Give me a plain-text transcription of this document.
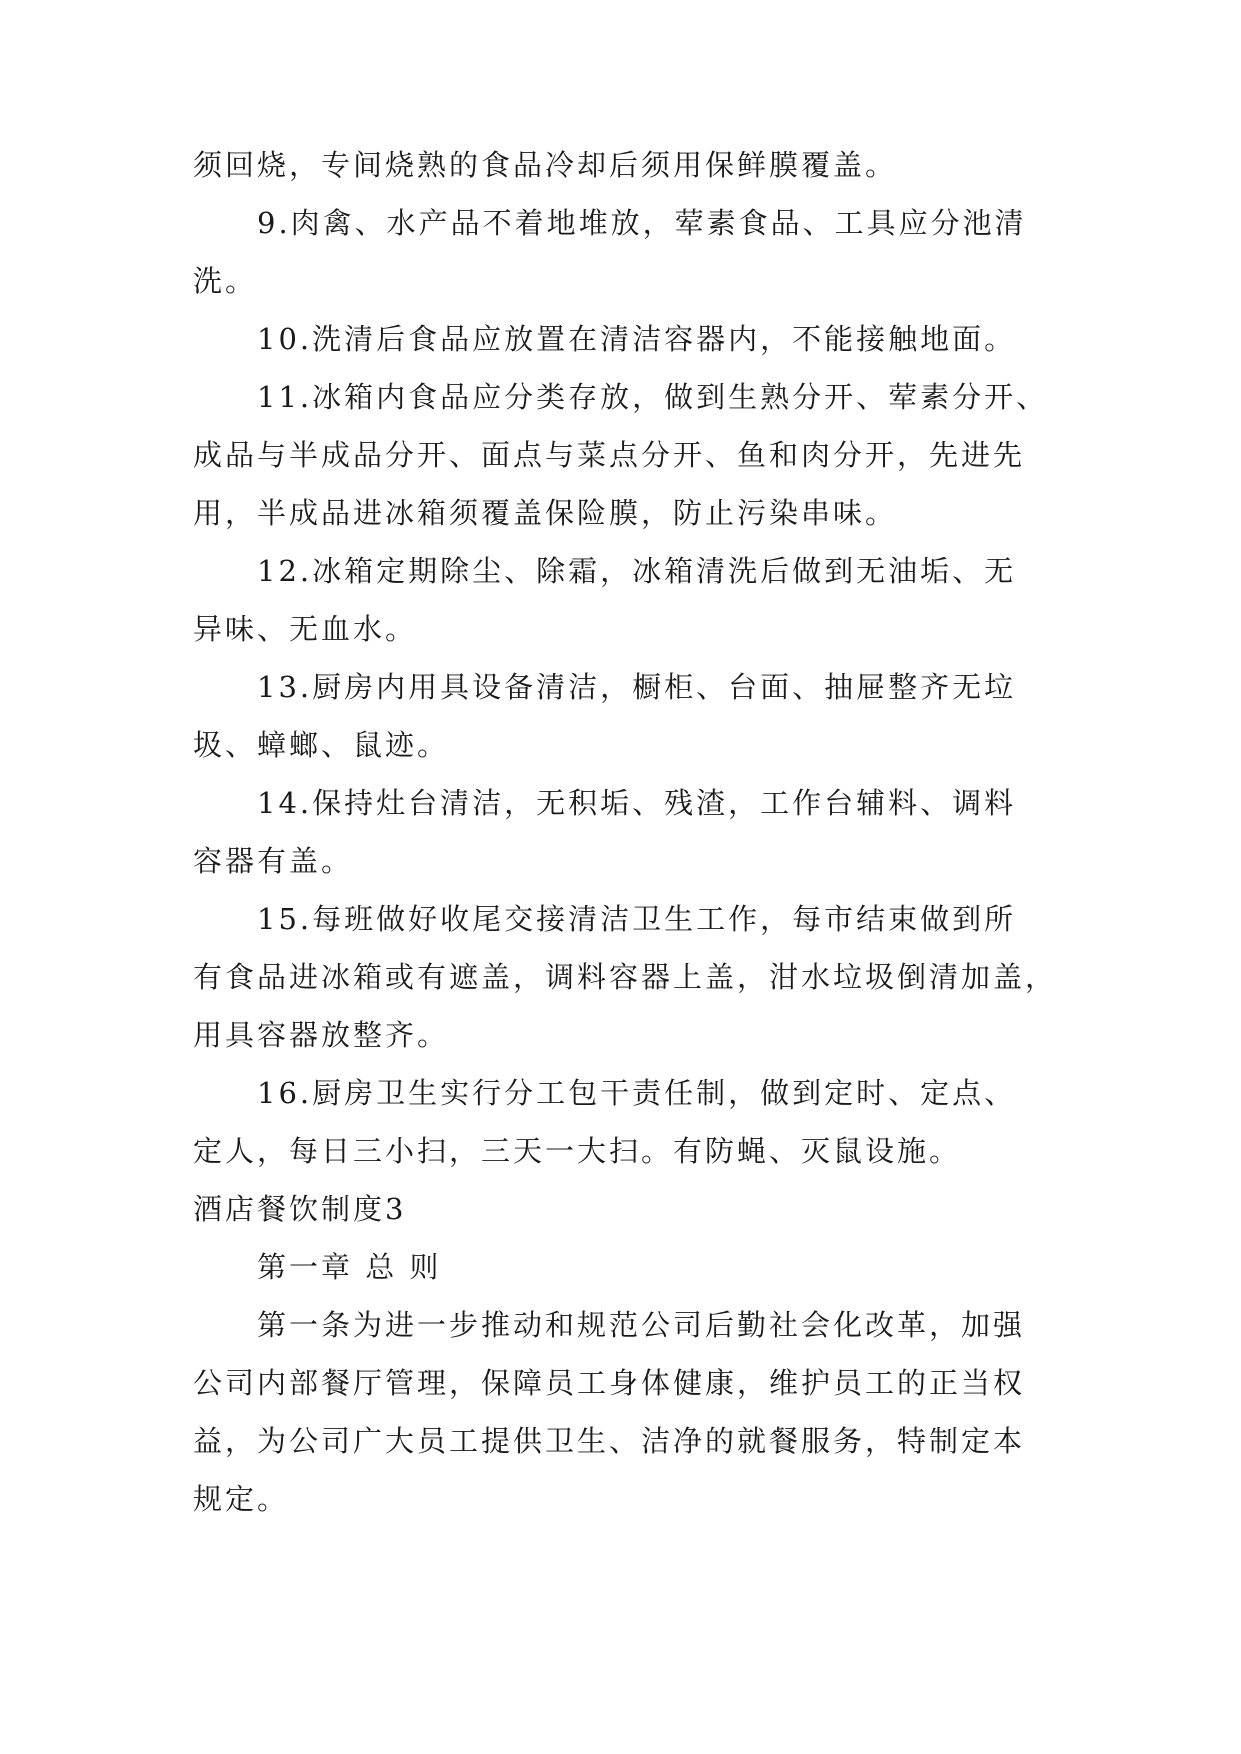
须回烧，专间烧熟的食品冷却后须用保鲜膜覆盖。
9.肉禽、水产品不着地堆放，荤素食品、工具应分池清
洗。
10.洗清后食品应放置在清洁容器内，不能接触地面。
11.冰箱内食品应分类存放，做到生熟分开、荤素分开、
成品与半成品分开、面点与菜点分开、鱼和肉分开，先进先
用，半成品进冰箱须覆盖保险膜，防止污染串味。
12.冰箱定期除尘、除霜，冰箱清洗后做到无油垢、无
异味、无血水。
13.厨房内用具设备清洁，橱柜、台面、抽屉整齐无垃
圾、蟑螂、鼠迹。
14.保持灶台清洁，无积垢、残渣，工作台辅料、调料
容器有盖。
15.每班做好收尾交接清洁卫生工作，每市结束做到所
有食品进冰箱或有遮盖，调料容器上盖，泔水垃圾倒清加盖，
用具容器放整齐。
16.厨房卫生实行分工包干责任制，做到定时、定点、
定人，每日三小扫，三天一大扫。有防蝇、灭鼠设施。
酒店餐饮制度3
第一章 总 则
第一条为进一步推动和规范公司后勤社会化改革，加强
公司内部餐厅管理，保障员工身体健康，维护员工的正当权
益，为公司广大员工提供卫生、洁净的就餐服务，特制定本
规定。
